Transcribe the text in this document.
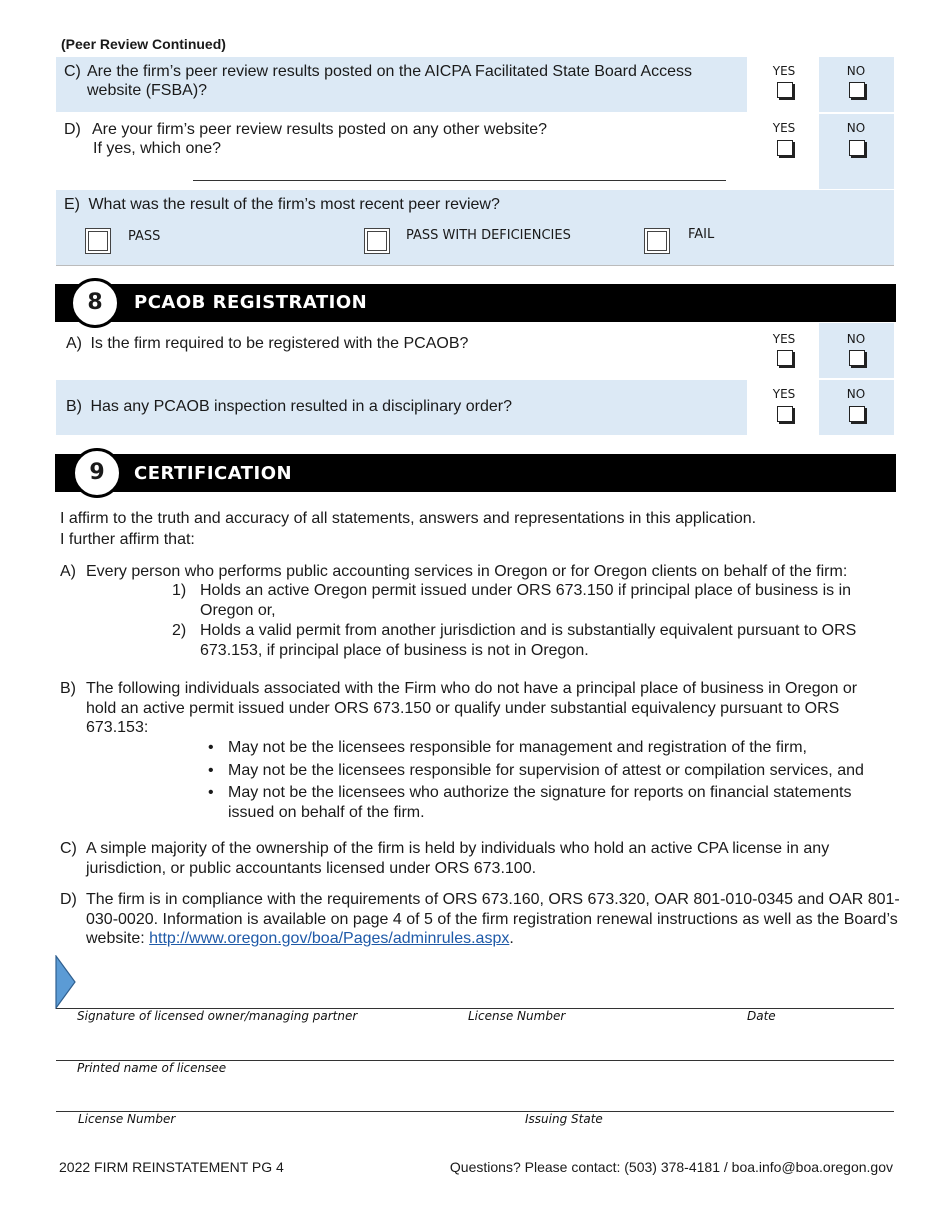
(Peer Review Continued)
C) Are the firm’s peer review results posted on the AICPA Facilitated State Board Access website (FSBA)?
YES	NO
D) Are your firm’s peer review results posted on any other website?
If yes, which one?
YES	NO
E) What was the result of the firm’s most recent peer review?
PASS	PASS WITH DEFICIENCIES	FAIL
8	PCAOB REGISTRATION
A) Is the firm required to be registered with the PCAOB?	YES	NO
B) Has any PCAOB inspection resulted in a disciplinary order?
YES	NO
9	CERTIFICATION
I affirm to the truth and accuracy of all statements, answers and representations in this application.
I further affirm that:
A) Every person who performs public accounting services in Oregon or for Oregon clients on behalf of the firm:
1) Holds an active Oregon permit issued under ORS 673.150 if principal place of business is in Oregon or,
2) Holds a valid permit from another jurisdiction and is substantially equivalent pursuant to ORS 673.153, if principal place of business is not in Oregon.
B) The following individuals associated with the Firm who do not have a principal place of business in Oregon or hold an active permit issued under ORS 673.150 or qualify under substantial equivalency pursuant to ORS 673.153:
• May not be the licensees responsible for management and registration of the firm,
• May not be the licensees responsible for supervision of attest or compilation services, and
• May not be the licensees who authorize the signature for reports on financial statements issued on behalf of the firm.
C) A simple majority of the ownership of the firm is held by individuals who hold an active CPA license in any jurisdiction, or public accountants licensed under ORS 673.100.
D) The firm is in compliance with the requirements of ORS 673.160, ORS 673.320, OAR 801-010-0345 and OAR 801-030-0020. Information is available on page 4 of 5 of the firm registration renewal instructions as well as the Board’s website: http://www.oregon.gov/boa/Pages/adminrules.aspx.
Signature of licensed owner/managing partner	License Number	Date
Printed name of licensee
License Number	Issuing State
2022 FIRM REINSTATEMENT PG 4	Questions? Please contact: (503) 378-4181 / boa.info@boa.oregon.gov
